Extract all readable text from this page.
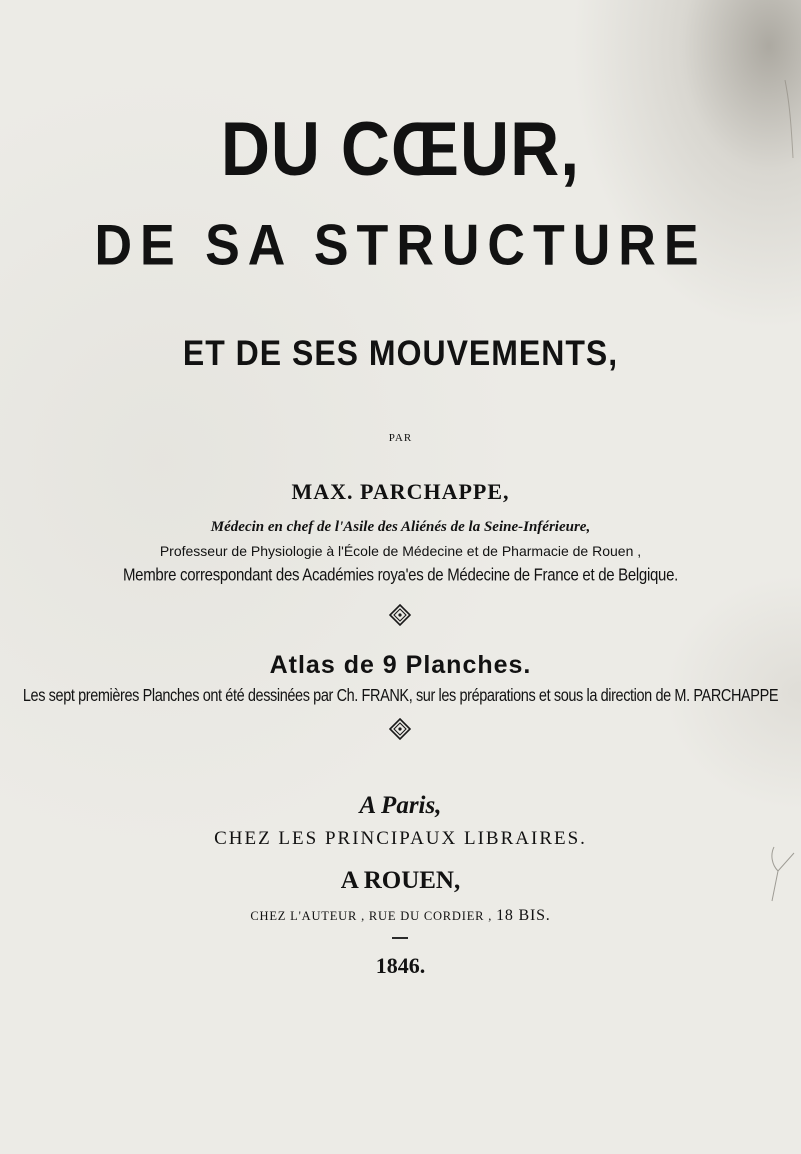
DU CŒUR,
DE SA STRUCTURE
ET DE SES MOUVEMENTS,
PAR
MAX. PARCHAPPE,
Médecin en chef de l'Asile des Aliénés de la Seine-Inférieure,
Professeur de Physiologie à l'École de Médecine et de Pharmacie de Rouen ,
Membre correspondant des Académies roya'es de Médecine de France et de Belgique.
Atlas de 9 Planches.
Les sept premières Planches ont été dessinées par Ch. FRANK, sur les préparations et sous la direction de M. PARCHAPPE
A Paris,
CHEZ LES PRINCIPAUX LIBRAIRES.
A ROUEN,
CHEZ L'AUTEUR , RUE DU CORDIER , 18 BIS.
1846.
